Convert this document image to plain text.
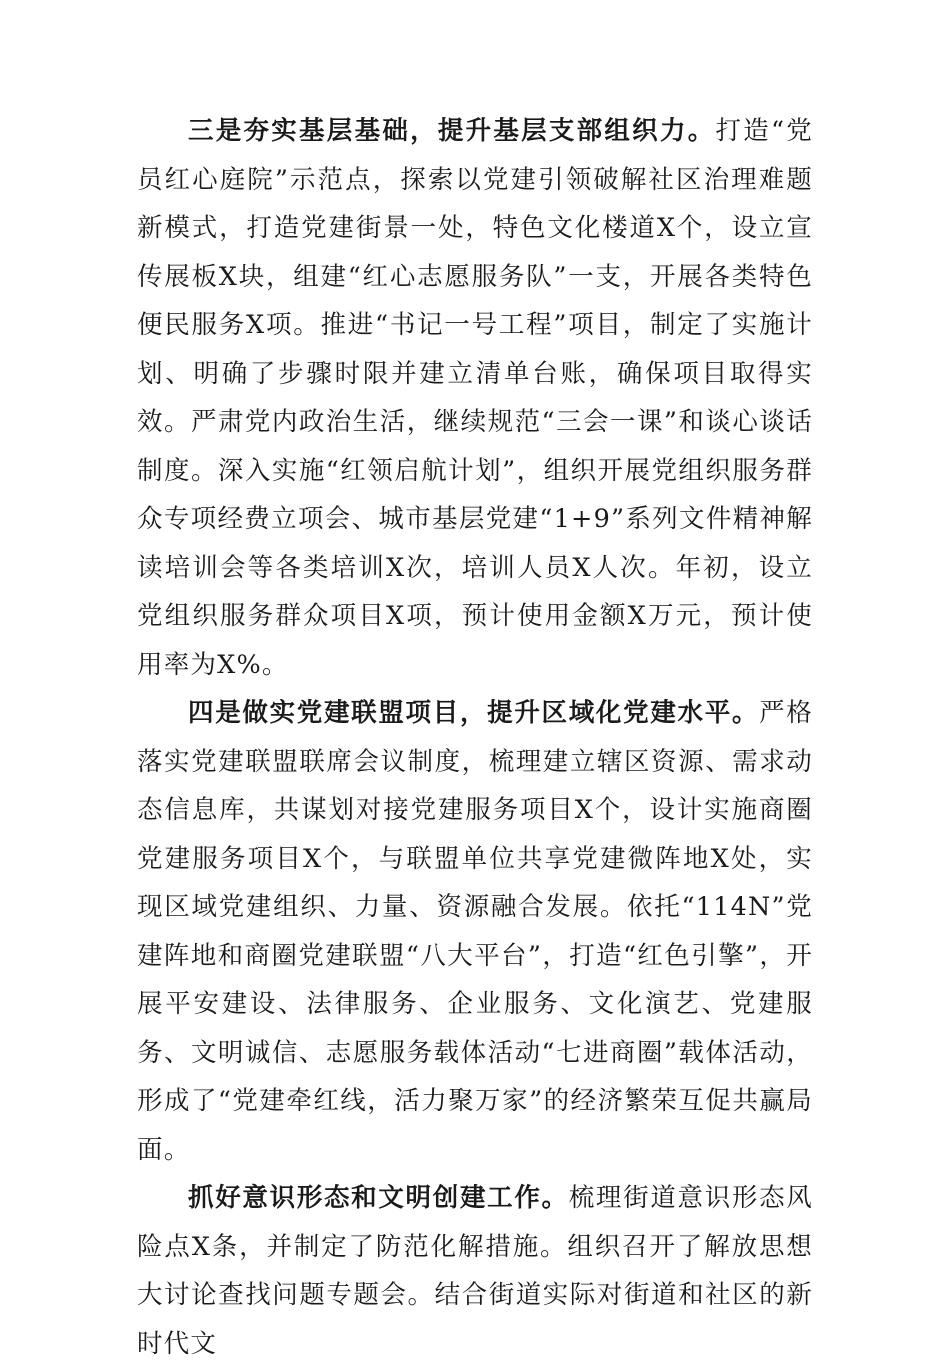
三是夯实基层基础，提升基层支部组织力。打造“党员红心庭院”示范点，探索以党建引领破解社区治理难题新模式，打造党建街景一处，特色文化楼道X个，设立宣传展板X块，组建“红心志愿服务队”一支，开展各类特色便民服务X项。推进“书记一号工程”项目，制定了实施计划、明确了步骤时限并建立清单台账，确保项目取得实效。严肃党内政治生活，继续规范“三会一课”和谈心谈话制度。深入实施“红领启航计划”，组织开展党组织服务群众专项经费立项会、城市基层党建“1+9”系列文件精神解读培训会等各类培训X次，培训人员X人次。年初，设立党组织服务群众项目X项，预计使用金额X万元，预计使用率为X%。

四是做实党建联盟项目，提升区域化党建水平。严格落实党建联盟联席会议制度，梳理建立辖区资源、需求动态信息库，共谋划对接党建服务项目X个，设计实施商圈党建服务项目X个，与联盟单位共享党建微阵地X处，实现区域党建组织、力量、资源融合发展。依托“114N”党建阵地和商圈党建联盟“八大平台”，打造“红色引擎”，开展平安建设、法律服务、企业服务、文化演艺、党建服务、文明诚信、志愿服务载体活动“七进商圈”载体活动，形成了“党建牵红线，活力聚万家”的经济繁荣互促共赢局面。

抓好意识形态和文明创建工作。梳理街道意识形态风险点X条，并制定了防范化解措施。组织召开了解放思想大讨论查找问题专题会。结合街道实际对街道和社区的新时代文
